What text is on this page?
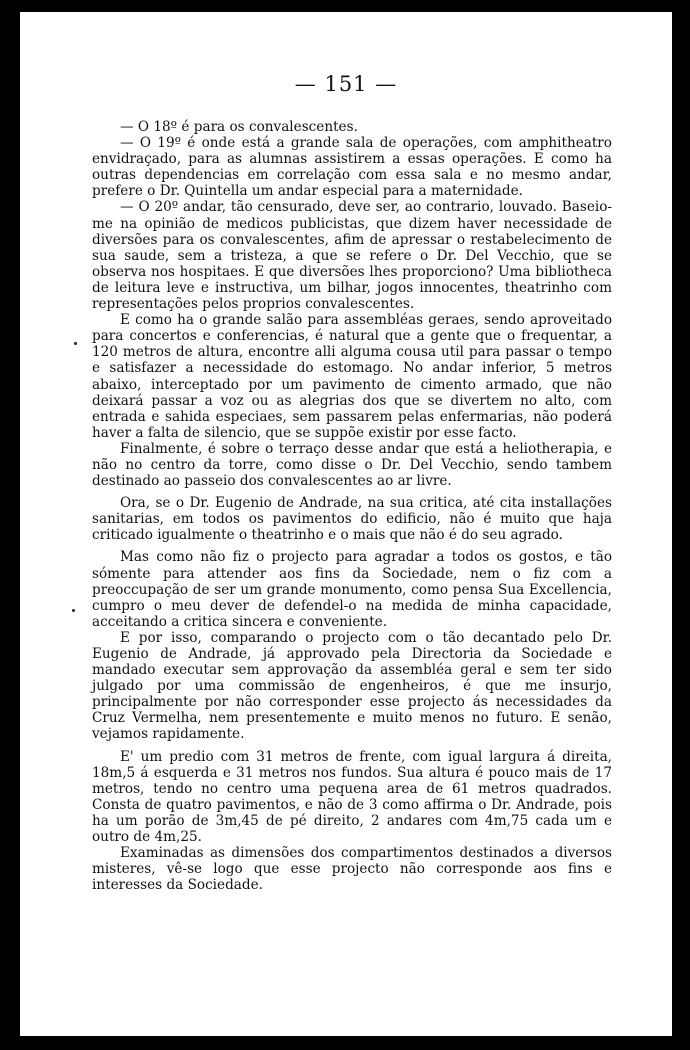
— 151 —

— O 18º é para os convalescentes.

— O 19º é onde está a grande sala de operações, com amphitheatro envidraçado, para as alumnas assistirem a essas operações. E como ha outras dependencias em correlação com essa sala e no mesmo andar, prefere o Dr. Quintella um andar especial para a maternidade.

— O 20º andar, tão censurado, deve ser, ao contrario, louvado. Baseio-me na opinião de medicos publicistas, que dizem haver necessidade de diversões para os convalescentes, afim de apressar o restabelecimento de sua saude, sem a tristeza, a que se refere o Dr. Del Vecchio, que se observa nos hospitaes. E que diversões lhes proporciono? Uma bibliotheca de leitura leve e instructiva, um bilhar, jogos innocentes, theatrinho com representações pelos proprios convalescentes.

E como ha o grande salão para assembléas geraes, sendo aproveitado para concertos e conferencias, é natural que a gente que o frequentar, a 120 metros de altura, encontre alli alguma cousa util para passar o tempo e satisfazer a necessidade do estomago. No andar inferior, 5 metros abaixo, interceptado por um pavimento de cimento armado, que não deixará passar a voz ou as alegrias dos que se divertem no alto, com entrada e sahida especiaes, sem passarem pelas enfermarias, não poderá haver a falta de silencio, que se suppõe existir por esse facto.

Finalmente, é sobre o terraço desse andar que está a heliotherapia, e não no centro da torre, como disse o Dr. Del Vecchio, sendo tambem destinado ao passeio dos convalescentes ao ar livre.

Ora, se o Dr. Eugenio de Andrade, na sua critica, até cita installações sanitarias, em todos os pavimentos do edificio, não é muito que haja criticado igualmente o theatrinho e o mais que não é do seu agrado.

Mas como não fiz o projecto para agradar a todos os gostos, e tão sómente para attender aos fins da Sociedade, nem o fiz com a preoccupação de ser um grande monumento, como pensa Sua Excellencia, cumpro o meu dever de defendel-o na medida de minha capacidade, acceitando a critica sincera e conveniente.

E por isso, comparando o projecto com o tão decantado pelo Dr. Eugenio de Andrade, já approvado pela Directoria da Sociedade e mandado executar sem approvação da assembléa geral e sem ter sido julgado por uma commissão de engenheiros, é que me insurjo, principalmente por não corresponder esse projecto ás necessidades da Cruz Vermelha, nem presentemente e muito menos no futuro. E senão, vejamos rapidamente.

E' um predio com 31 metros de frente, com igual largura á direita, 18m,5 á esquerda e 31 metros nos fundos. Sua altura é pouco mais de 17 metros, tendo no centro uma pequena area de 61 metros quadrados. Consta de quatro pavimentos, e não de 3 como affirma o Dr. Andrade, pois ha um porão de 3m,45 de pé direito, 2 andares com 4m,75 cada um e outro de 4m,25.

Examinadas as dimensões dos compartimentos destinados a diversos misteres, vê-se logo que esse projecto não corresponde aos fins e interesses da Sociedade.
